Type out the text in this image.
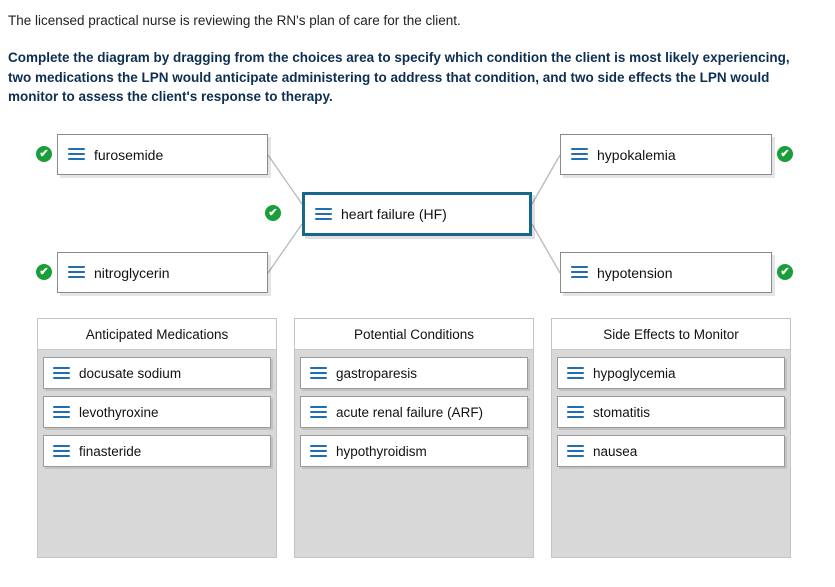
The licensed practical nurse is reviewing the RN's plan of care for the client.
Complete the diagram by dragging from the choices area to specify which condition the client is most likely experiencing, two medications the LPN would anticipate administering to address that condition, and two side effects the LPN would monitor to assess the client's response to therapy.
furosemide
✔
nitroglycerin
✔
heart failure (HF)
✔
hypokalemia	✔
hypotension	✔
Anticipated Medications
docusate sodium
levothyroxine
finasteride
Potential Conditions
gastroparesis
acute renal failure (ARF)
hypothyroidism
Side Effects to Monitor
hypoglycemia
stomatitis
nausea
